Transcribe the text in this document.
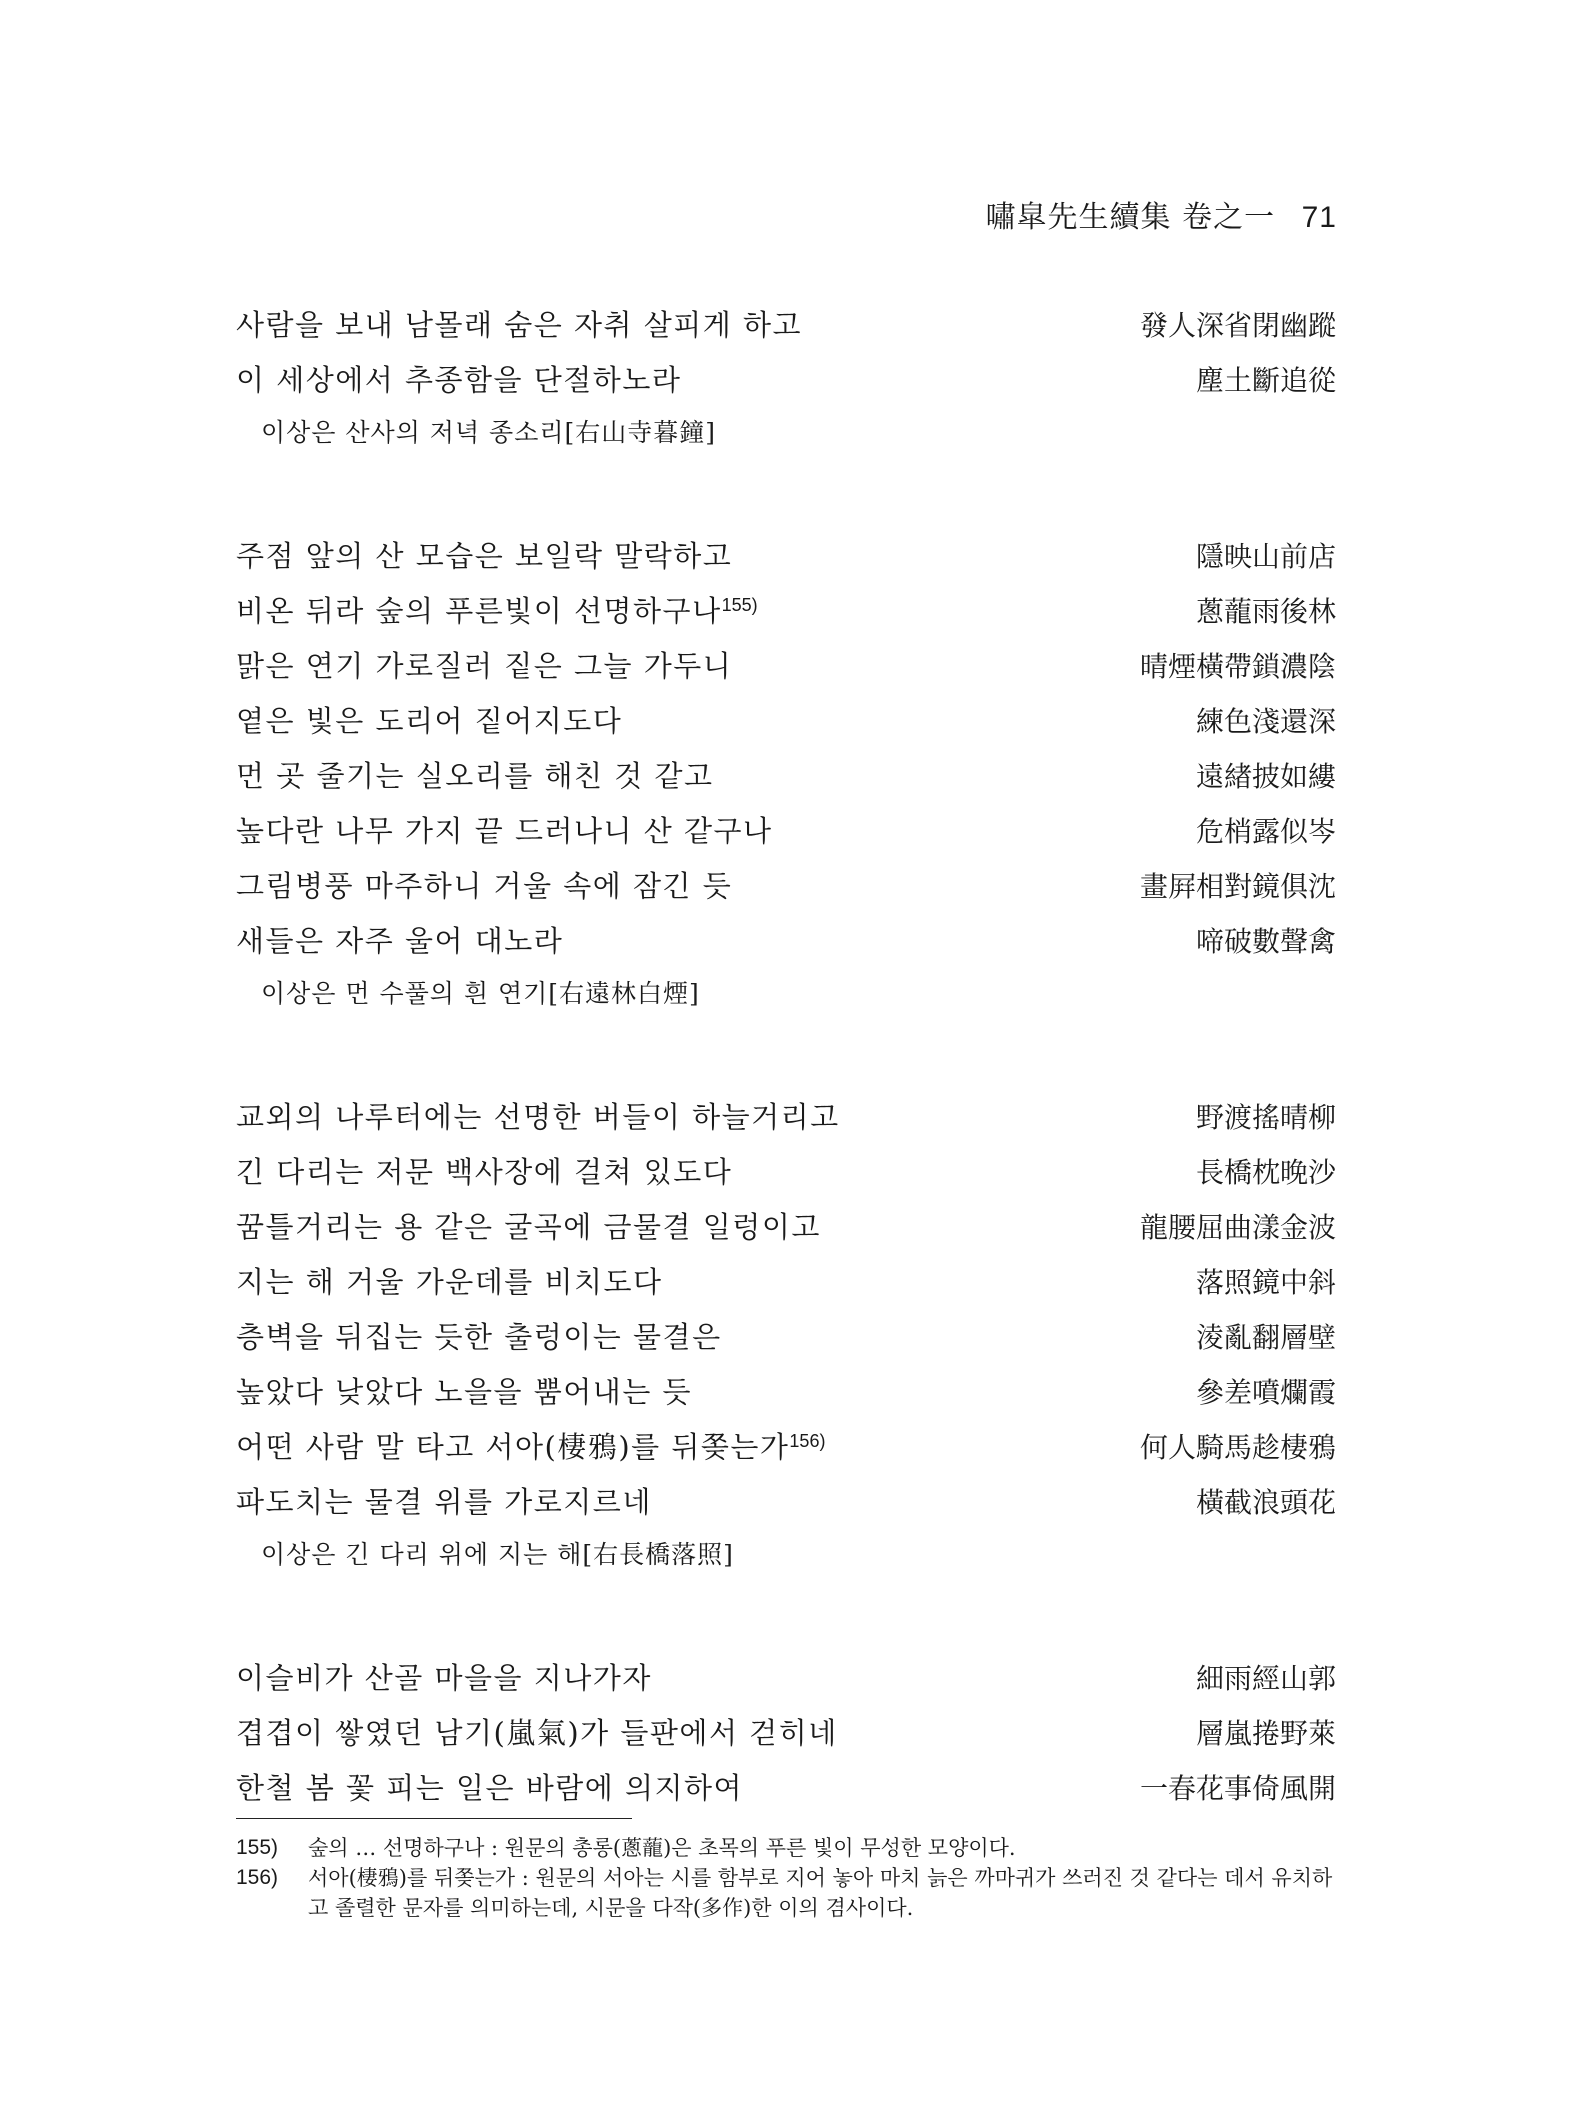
嘯皐先生續集 卷之一 71
사람을 보내 남몰래 숨은 자취 살피게 하고	發人深省閉幽蹤
이 세상에서 추종함을 단절하노라	塵土斷追從
이상은 산사의 저녁 종소리[右山寺暮鐘]
주점 앞의 산 모습은 보일락 말락하고	隱映山前店
비온 뒤라 숲의 푸른빛이 선명하구나$^{155)}$	蔥蘢雨後林
맑은 연기 가로질러 짙은 그늘 가두니	晴煙橫帶鎖濃陰
옅은 빛은 도리어 짙어지도다	練色淺還深
먼 곳 줄기는 실오리를 해친 것 같고	遠緖披如縷
높다란 나무 가지 끝 드러나니 산 같구나	危梢露似岑
그림병풍 마주하니 거울 속에 잠긴 듯	畫屛相對鏡俱沈
새들은 자주 울어 대노라	啼破數聲禽
이상은 먼 수풀의 흰 연기[右遠林白煙]
교외의 나루터에는 선명한 버들이 하늘거리고	野渡搖晴柳
긴 다리는 저문 백사장에 걸쳐 있도다	長橋枕晚沙
꿈틀거리는 용 같은 굴곡에 금물결 일렁이고	龍腰屈曲漾金波
지는 해 거울 가운데를 비치도다	落照鏡中斜
층벽을 뒤집는 듯한 출렁이는 물결은	淩亂翻層壁
높았다 낮았다 노을을 뿜어내는 듯	參差噴爛霞
어떤 사람 말 타고 서아(棲鴉)를 뒤쫒는가$^{156)}$	何人騎馬趁棲鴉
파도치는 물결 위를 가로지르네	橫截浪頭花
이상은 긴 다리 위에 지는 해[右長橋落照]
이슬비가 산골 마을을 지나가자	細雨經山郭
겹겹이 쌓였던 남기(嵐氣)가 들판에서 걷히네	層嵐捲野萊
한철 봄 꽃 피는 일은 바람에 의지하여	一春花事倚風開
155)	숲의 … 선명하구나 : 원문의 총롱(蔥蘢)은 초목의 푸른 빛이 무성한 모양이다.
156)	서아(棲鴉)를 뒤쫒는가 : 원문의 서아는 시를 함부로 지어 놓아 마치 늙은 까마귀가 쓰러진 것 같다는 데서 유치하고 졸렬한 문자를 의미하는데, 시문을 다작(多作)한 이의 겸사이다.
